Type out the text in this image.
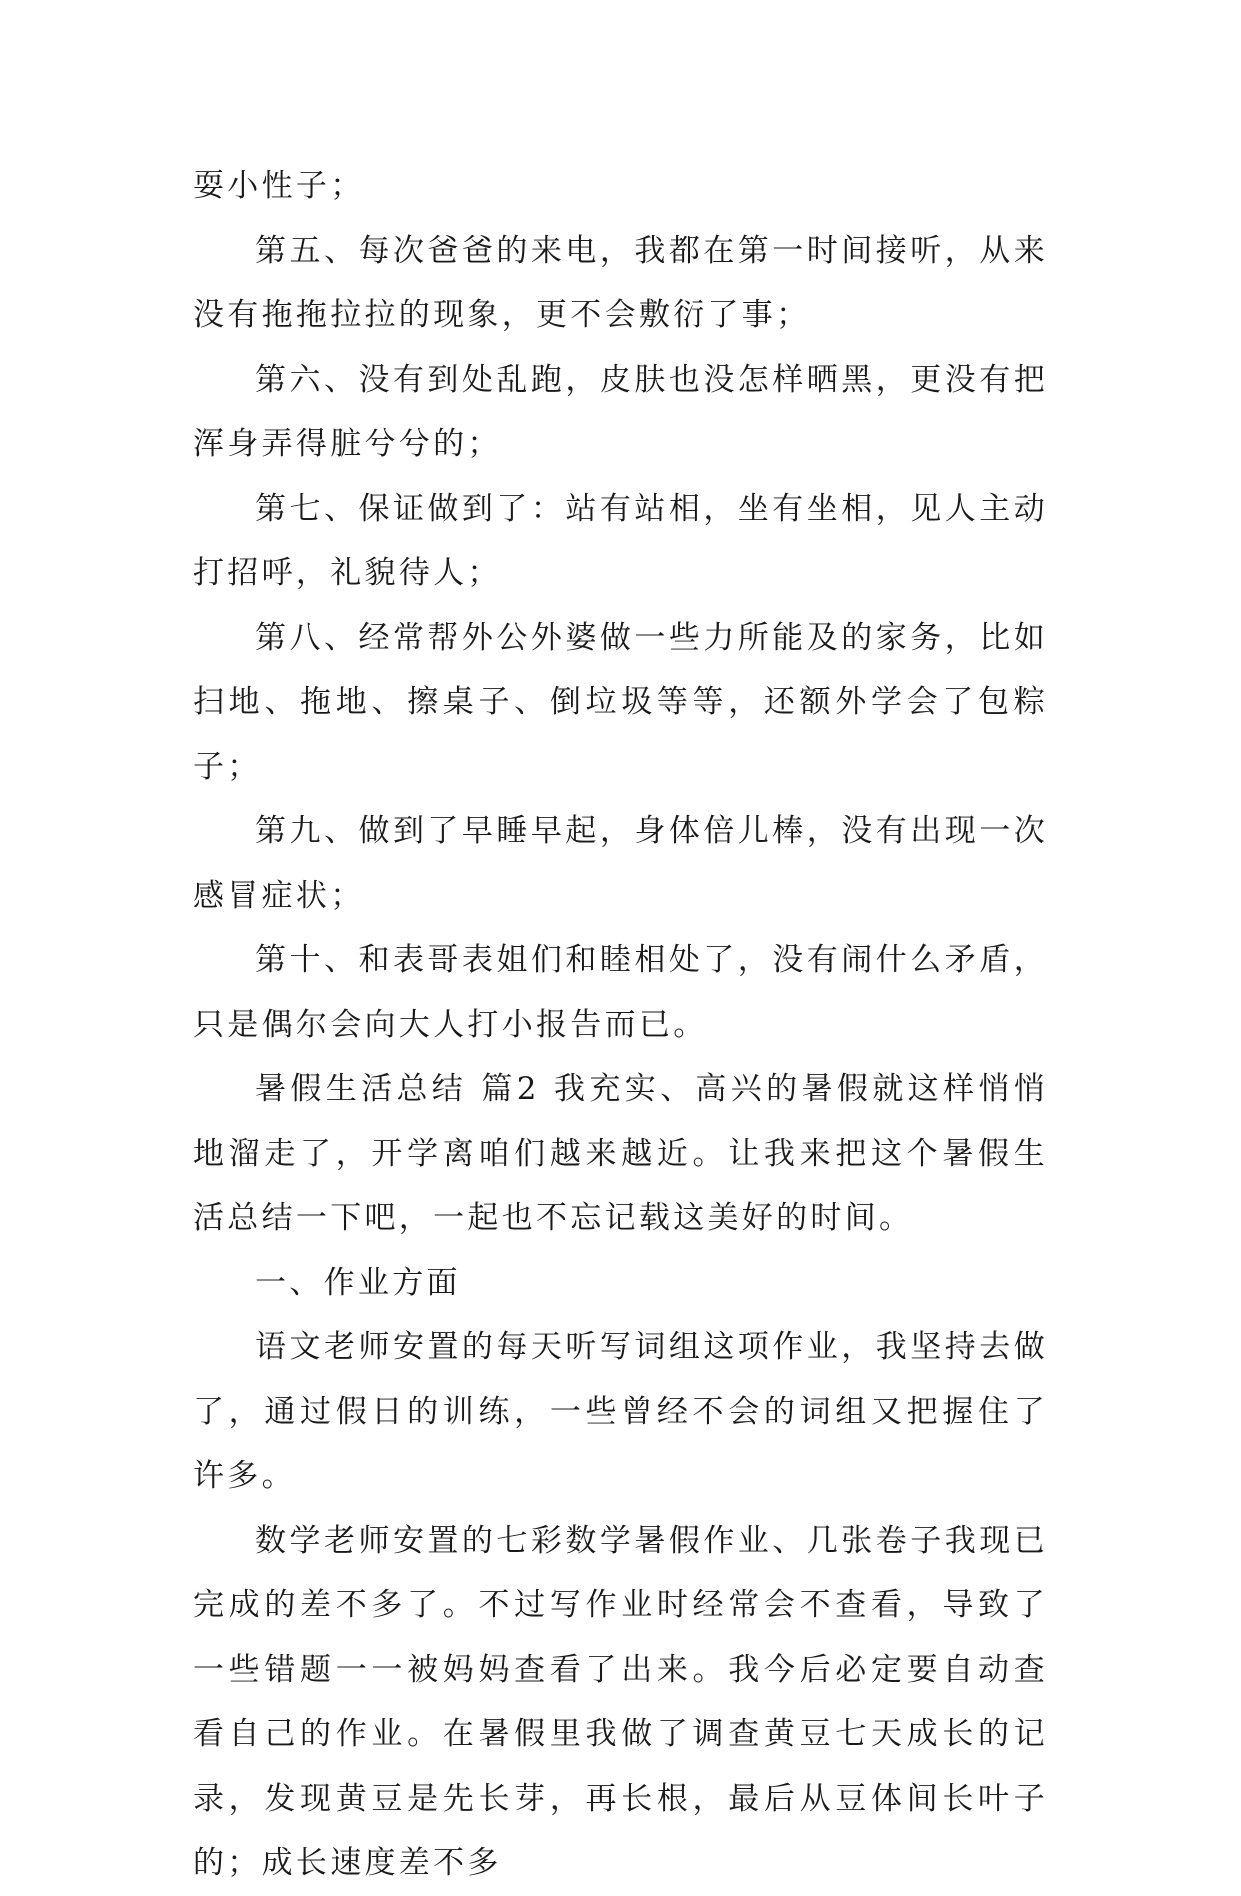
耍小性子；

第五、每次爸爸的来电，我都在第一时间接听，从来没有拖拖拉拉的现象，更不会敷衍了事；

第六、没有到处乱跑，皮肤也没怎样晒黑，更没有把浑身弄得脏兮兮的；

第七、保证做到了：站有站相，坐有坐相，见人主动打招呼，礼貌待人；

第八、经常帮外公外婆做一些力所能及的家务，比如扫地、拖地、擦桌子、倒垃圾等等，还额外学会了包粽子；

第九、做到了早睡早起，身体倍儿棒，没有出现一次感冒症状；

第十、和表哥表姐们和睦相处了，没有闹什么矛盾，只是偶尔会向大人打小报告而已。

暑假生活总结 篇2 我充实、高兴的暑假就这样悄悄地溜走了，开学离咱们越来越近。让我来把这个暑假生活总结一下吧，一起也不忘记载这美好的时间。

一、作业方面

语文老师安置的每天听写词组这项作业，我坚持去做了，通过假日的训练，一些曾经不会的词组又把握住了许多。

数学老师安置的七彩数学暑假作业、几张卷子我现已完成的差不多了。不过写作业时经常会不查看，导致了一些错题一一被妈妈查看了出来。我今后必定要自动查看自己的作业。在暑假里我做了调查黄豆七天成长的记录，发现黄豆是先长芽，再长根，最后从豆体间长叶子的；成长速度差不多
